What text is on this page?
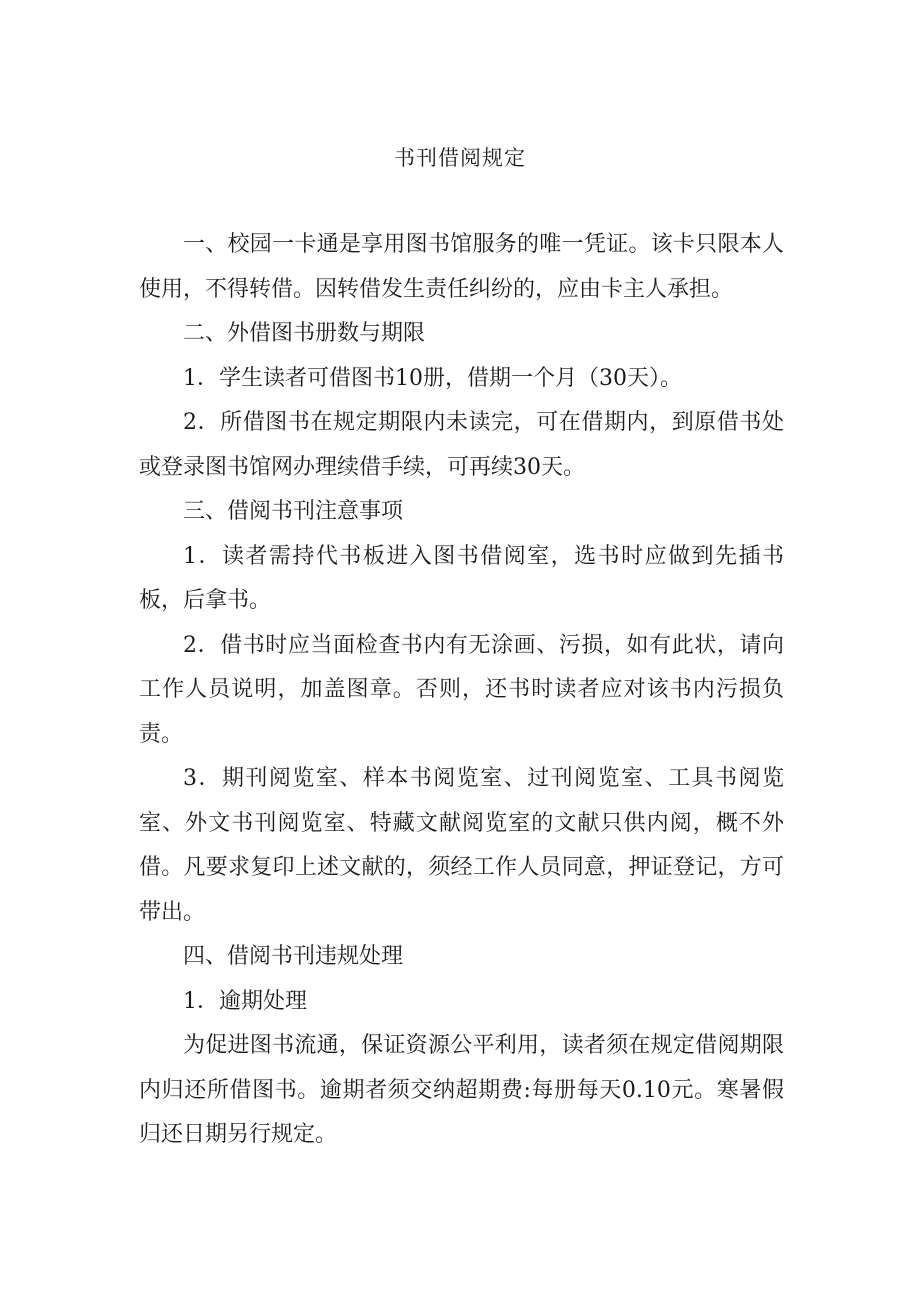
书刊借阅规定

一、校园一卡通是享用图书馆服务的唯一凭证。该卡只限本人使用，不得转借。因转借发生责任纠纷的，应由卡主人承担。

二、外借图书册数与期限

1．学生读者可借图书10册，借期一个月（30天）。

2．所借图书在规定期限内未读完，可在借期内，到原借书处或登录图书馆网办理续借手续，可再续30天。

三、借阅书刊注意事项

1．读者需持代书板进入图书借阅室，选书时应做到先插书板，后拿书。

2．借书时应当面检查书内有无涂画、污损，如有此状，请向工作人员说明，加盖图章。否则，还书时读者应对该书内污损负责。

3．期刊阅览室、样本书阅览室、过刊阅览室、工具书阅览室、外文书刊阅览室、特藏文献阅览室的文献只供内阅，概不外借。凡要求复印上述文献的，须经工作人员同意，押证登记，方可带出。

四、借阅书刊违规处理

1．逾期处理

为促进图书流通，保证资源公平利用，读者须在规定借阅期限内归还所借图书。逾期者须交纳超期费:每册每天0.10元。寒暑假归还日期另行规定。
